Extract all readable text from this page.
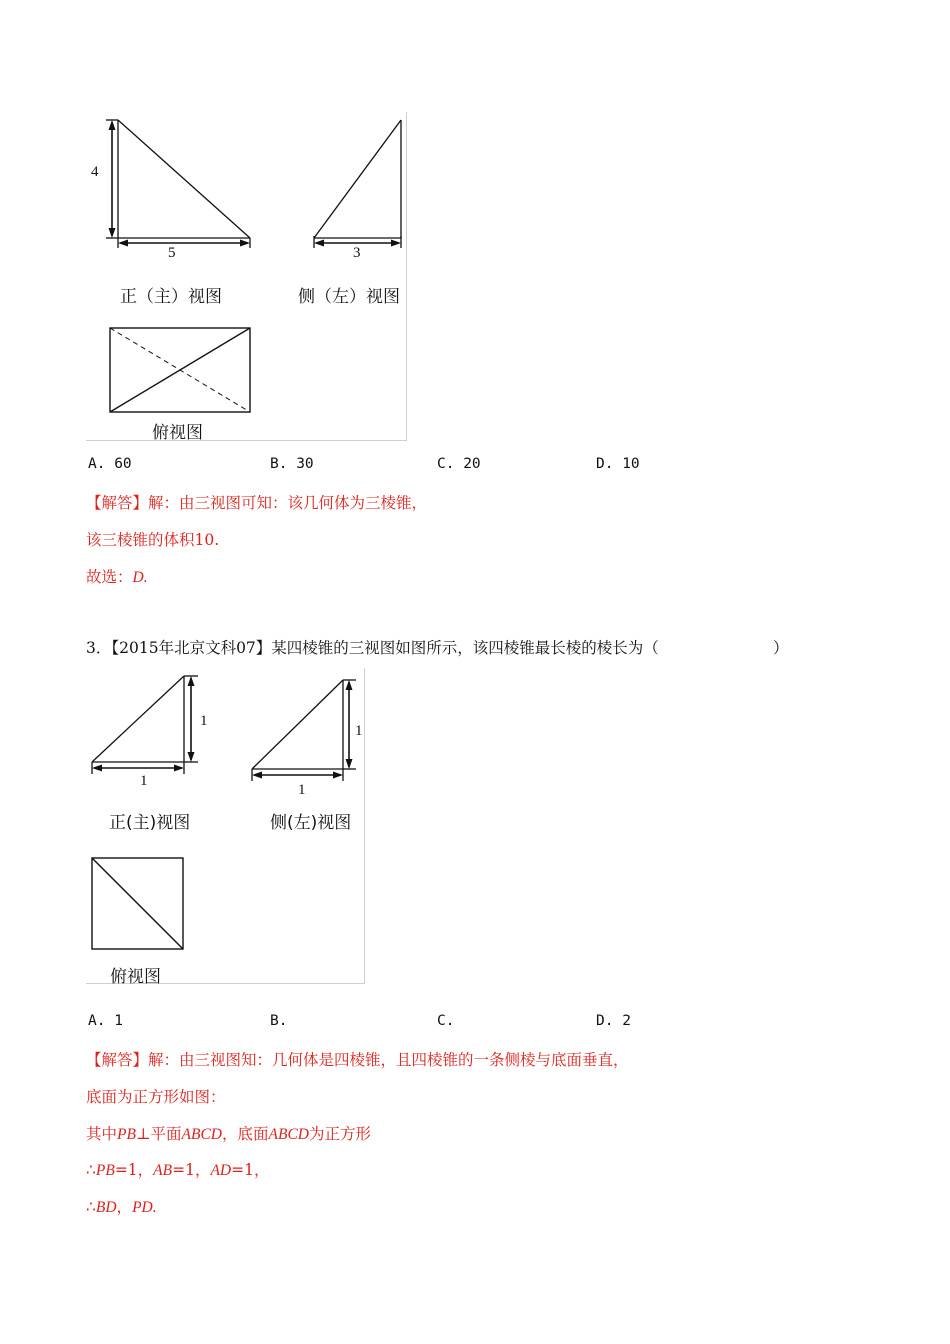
4
5
正（主）视图
3
侧（左）视图
俯视图
A. 60	B. 30	C. 20	D. 10
【解答】解：由三视图可知：该几何体为三棱锥，
该三棱锥的体积10.
故选：D.
3．【2015年北京文科07】某四棱锥的三视图如图所示，该四棱锥最长棱的棱长为（	）
1
1
正(主)视图
1
1
侧(左)视图
俯视图
A. 1	B.	C.	D. 2
【解答】解：由三视图知：几何体是四棱锥，且四棱锥的一条侧棱与底面垂直，
底面为正方形如图：
其中PB⊥平面ABCD，底面ABCD为正方形
∴PB=1，AB=1，AD=1，
∴BD，PD.
